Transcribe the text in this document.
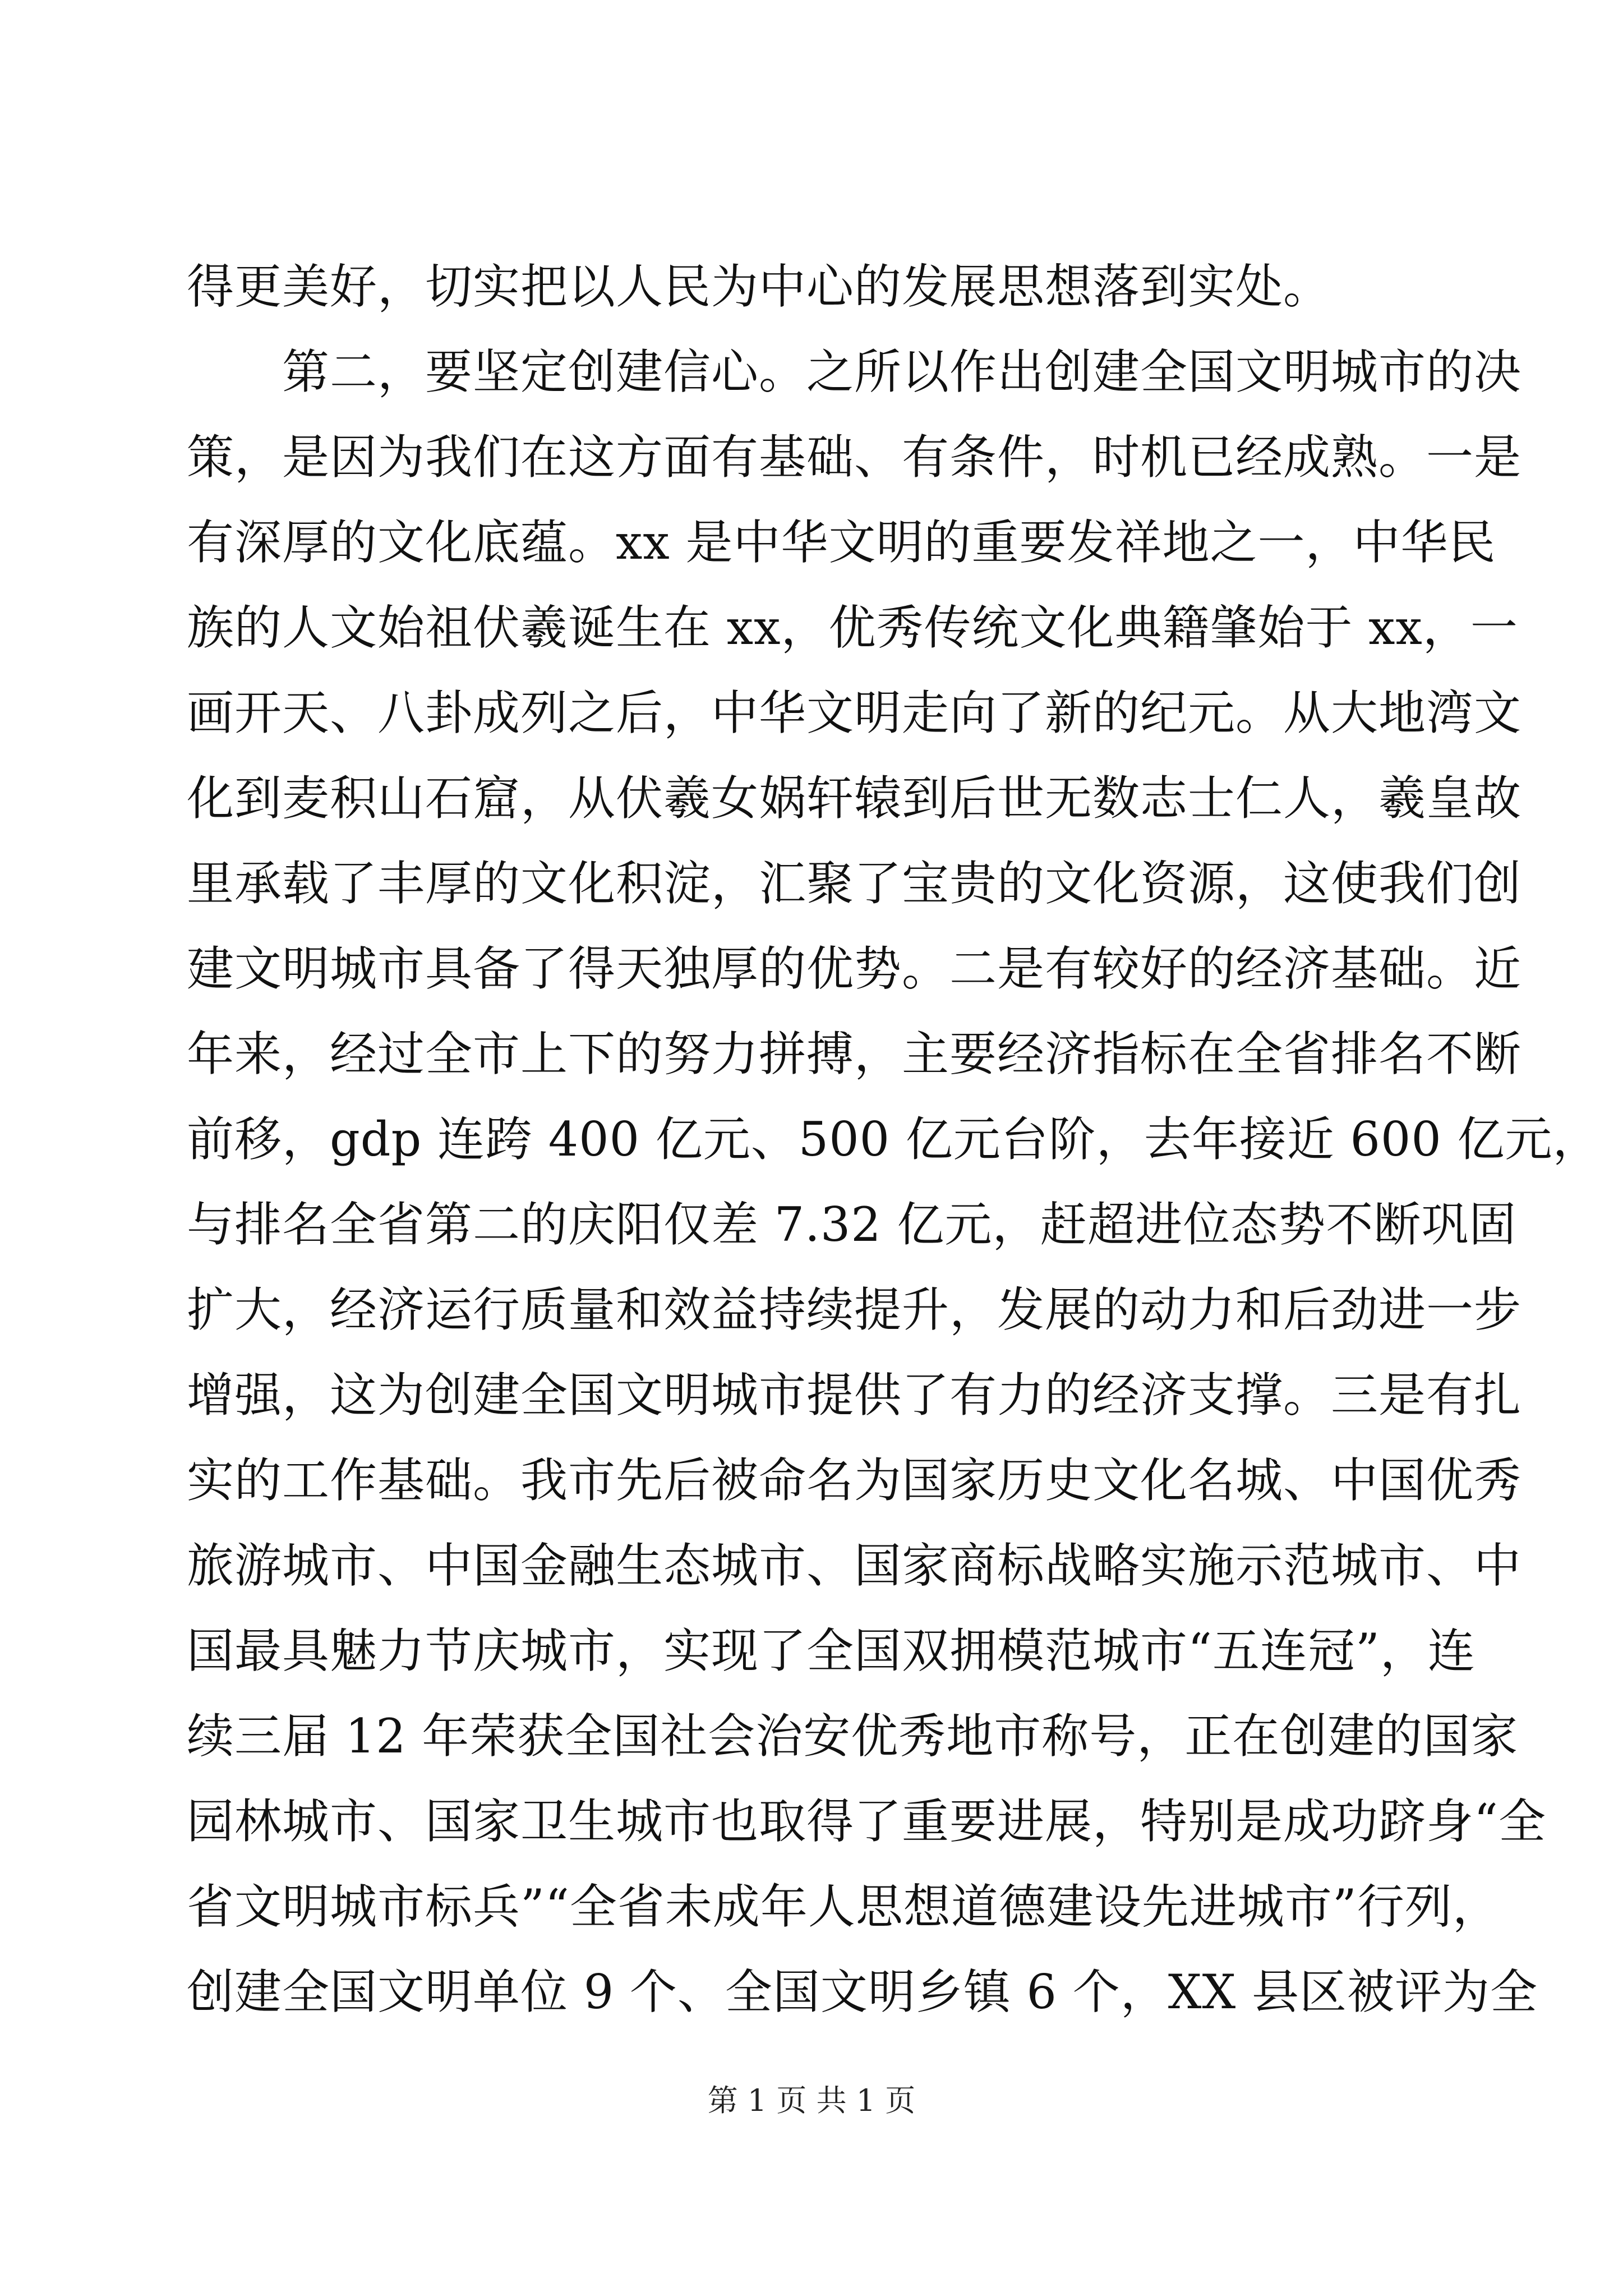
得更美好，切实把以人民为中心的发展思想落到实处。
　　第二，要坚定创建信心。之所以作出创建全国文明城市的决
策，是因为我们在这方面有基础、有条件，时机已经成熟。一是
有深厚的文化底蕴。xx 是中华文明的重要发祥地之一，中华民
族的人文始祖伏羲诞生在 xx，优秀传统文化典籍肇始于 xx，一
画开天、八卦成列之后，中华文明走向了新的纪元。从大地湾文
化到麦积山石窟，从伏羲女娲轩辕到后世无数志士仁人，羲皇故
里承载了丰厚的文化积淀，汇聚了宝贵的文化资源，这使我们创
建文明城市具备了得天独厚的优势。二是有较好的经济基础。近
年来，经过全市上下的努力拼搏，主要经济指标在全省排名不断
前移，gdp 连跨 400 亿元、500 亿元台阶，去年接近 600 亿元，
与排名全省第二的庆阳仅差 7.32 亿元，赶超进位态势不断巩固
扩大，经济运行质量和效益持续提升，发展的动力和后劲进一步
增强，这为创建全国文明城市提供了有力的经济支撑。三是有扎
实的工作基础。我市先后被命名为国家历史文化名城、中国优秀
旅游城市、中国金融生态城市、国家商标战略实施示范城市、中
国最具魅力节庆城市，实现了全国双拥模范城市“五连冠”，连
续三届 12 年荣获全国社会治安优秀地市称号，正在创建的国家
园林城市、国家卫生城市也取得了重要进展，特别是成功跻身“全
省文明城市标兵”“全省未成年人思想道德建设先进城市”行列，
创建全国文明单位 9 个、全国文明乡镇 6 个，XX 县区被评为全
第 1 页 共 1 页
